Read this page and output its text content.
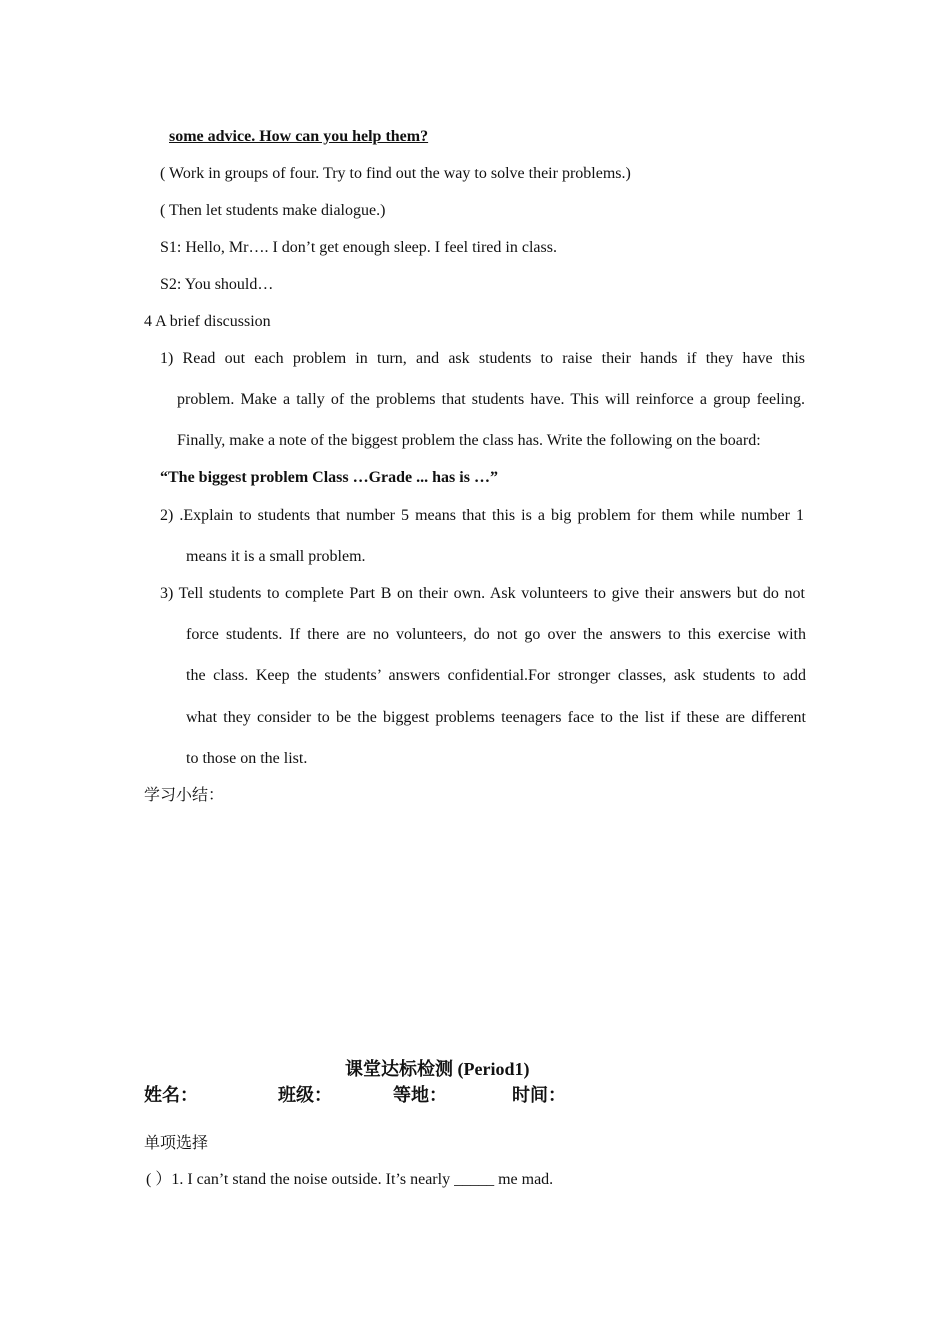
some advice. How can you help them?
( Work in groups of four. Try to find out the way to solve their problems.)
( Then let students make dialogue.)
S1: Hello, Mr…. I don’t get enough sleep. I feel tired in class.
S2: You should…
4 A brief discussion
1) Read out each problem in turn, and ask students to raise their hands if they have this
problem. Make a tally of the problems that students have. This will reinforce a group feeling.
Finally, make a note of the biggest problem the class has. Write the following on the board:
“The biggest problem Class …Grade ... has is …”
2) .Explain to students that number 5 means that this is a big problem for them while number 1
means it is a small problem.
3) Tell students to complete Part B on their own. Ask volunteers to give their answers but do not
force students. If there are no volunteers, do not go over the answers to this exercise with
the class. Keep the students’ answers confidential.For stronger classes, ask students to add
what they consider to be the biggest problems teenagers face to the list if these are different
to those on the list.
学习小结：
课堂达标检测 (Period1)
姓名：	班级：	等地：	时间：
单项选择
( ）1. I can’t stand the noise outside. It’s nearly _____ me mad.
